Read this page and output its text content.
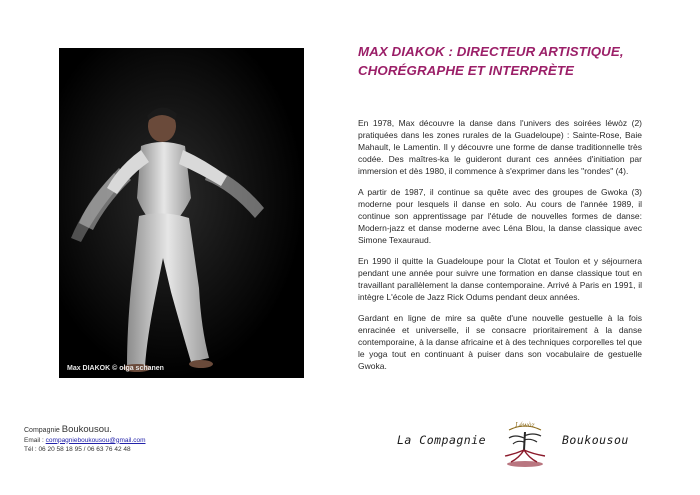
Max DIAKOK © olga schanen
MAX DIAKOK : DIRECTEUR ARTISTIQUE,
CHORÉGRAPHE ET INTERPRÈTE

En 1978, Max découvre la danse dans l'univers des soirées léwòz (2) pratiquées dans les zones rurales de la Guadeloupe) : Sainte-Rose, Baie Mahault, le Lamentin. Il y découvre une forme de danse traditionnelle très codée. Des maîtres-ka le guideront durant ces années d'initiation par immersion et dès 1980, il commence à s'exprimer dans les "rondes" (4).

A partir de 1987, il continue sa quête avec des groupes de Gwoka (3) moderne pour lesquels il danse en solo. Au cours de l'année 1989, il continue son apprentissage par l'étude de nouvelles formes de danse: Modern-jazz et danse moderne avec Léna Blou, la danse classique avec Simone Texauraud.

En 1990 il quitte la Guadeloupe pour la Clotat et Toulon et y séjournera pendant une année pour suivre une formation en danse classique tout en travaillant parallèlement la danse contemporaine. Arrivé à Paris en 1991, il intègre L'école de Jazz Rick Odums pendant deux années.

Gardant en ligne de mire sa quête d'une nouvelle gestuelle à la fois enracinée et universelle, il se consacre prioritairement à la danse contemporaine, à la danse africaine et à des techniques corporelles tel que le yoga tout en continuant à puiser dans son vocabulaire de gestuelle Gwoka.

Compagnie Boukousou.
Email : compagnieboukousou@gmail.com
Tél : 06 20 58 18 95 / 06 63 76 42 48
La Compagnie
Léwòz
Boukousou
